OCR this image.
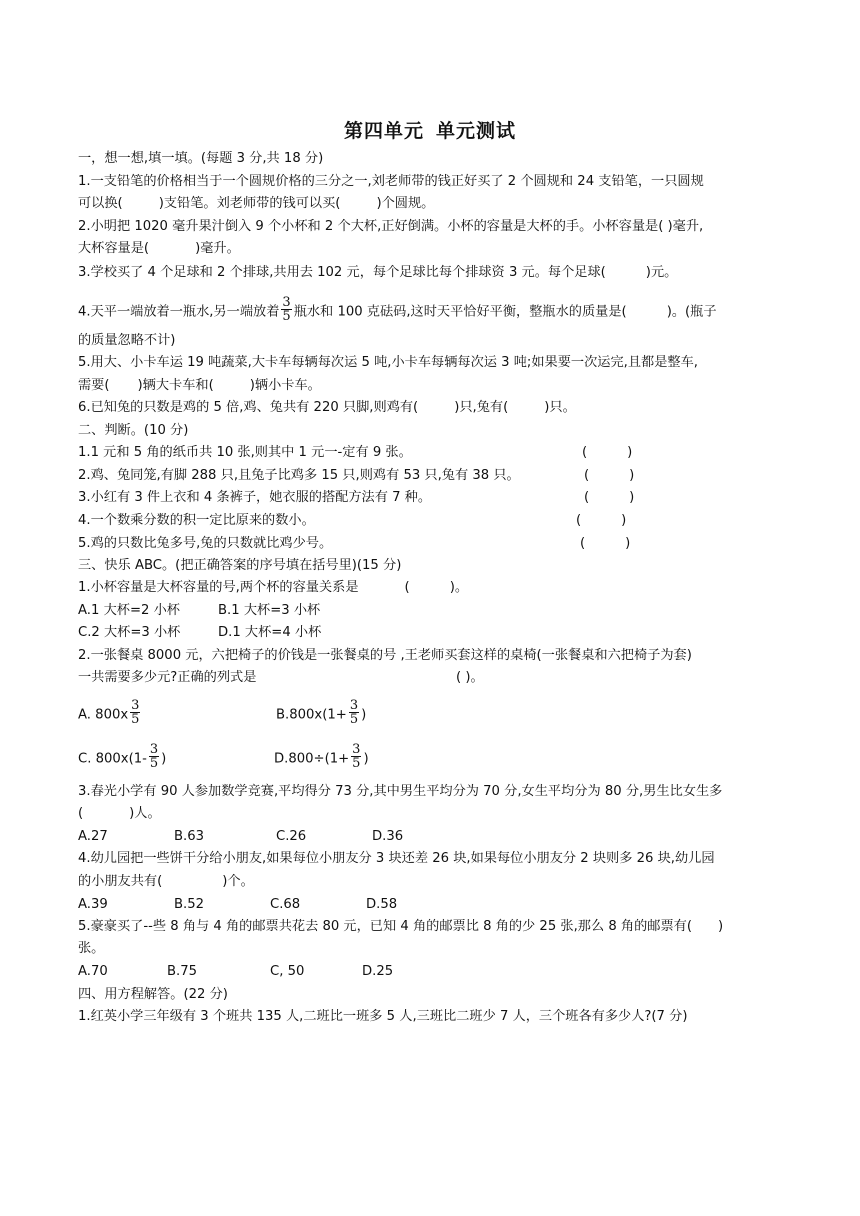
第四单元 单元测试
一，想一想,填一填。(每题 3 分,共 18 分)
1.一支铅笔的价格相当于一个圆规价格的三分之一,刘老师带的钱正好买了 2 个圆规和 24 支铅笔，一只圆规
可以换(	)支铅笔。刘老师带的钱可以买(	)个圆规。
2.小明把 1020 毫升果汁倒入 9 个小杯和 2 个大杯,正好倒满。小杯的容量是大杯的手。小杯容量是( )毫升,
大杯容量是(	)毫升。
3.学校买了 4 个足球和 2 个排球,共用去 102 元，每个足球比每个排球资 3 元。每个足球(	)元。
4.天平一端放着一瓶水,另一端放着 $\frac{3}{5}$ 瓶水和 100 克砝码,这时天平恰好平衡，整瓶水的质量是(	)。(瓶子
的质量忽略不计)
5.用大、小卡车运 19 吨蔬菜,大卡车每辆每次运 5 吨,小卡车每辆每次运 3 吨;如果要一次运完,且都是整车,
需要( )辆大卡车和(	)辆小卡车。
6.已知兔的只数是鸡的 5 倍,鸡、兔共有 220 只脚,则鸡有(	)只,兔有(	)只。
二、判断。(10 分)
1.1 元和 5 角的纸币共 10 张,则其中 1 元一-定有 9 张。	(	)
2.鸡、兔同笼,有脚 288 只,且兔子比鸡多 15 只,则鸡有 53 只,兔有 38 只。	(	)
3.小红有 3 件上衣和 4 条裤子，她衣服的搭配方法有 7 种。	(	)
4.一个数乘分数的积一定比原来的数小。	(	)
5.鸡的只数比兔多号,兔的只数就比鸡少号。	(	)
三、快乐 ABC。(把正确答案的序号填在括号里)(15 分)
1.小杯容量是大杯容量的号,两个杯的容量关系是	(	)。
A.1 大杯=2 小杯	B.1 大杯=3 小杯
C.2 大杯=3 小杯	D.1 大杯=4 小杯
2.一张餐桌 8000 元，六把椅子的价钱是一张餐桌的号 ,王老师买套这样的桌椅(一张餐桌和六把椅子为套)
一共需要多少元?正确的列式是	( )。
A. $800x \frac{3}{5}$	$B.800x(1+ \frac{3}{5}$ )
C. $800x(1- \frac{3}{5}$ )	$D.800\div(1+ \frac{3}{5}$ )
3.春光小学有 90 人参加数学竞赛,平均得分 73 分,其中男生平均分为 70 分,女生平均分为 80 分,男生比女生多
(	)人。
A.27	B.63	C.26	D.36
4.幼儿园把一些饼干分给小朋友,如果每位小朋友分 3 块还差 26 块,如果每位小朋友分 2 块则多 26 块,幼儿园
的小朋友共有(	)个。
A.39	B.52	C.68	D.58
5.豪豪买了--些 8 角与 4 角的邮票共花去 80 元，已知 4 角的邮票比 8 角的少 25 张,那么 8 角的邮票有( )
张。
A.70	B.75	C, 50	D.25
四、用方程解答。(22 分)
1.红英小学三年级有 3 个班共 135 人,二班比一班多 5 人,三班比二班少 7 人，三个班各有多少人?(7 分)
